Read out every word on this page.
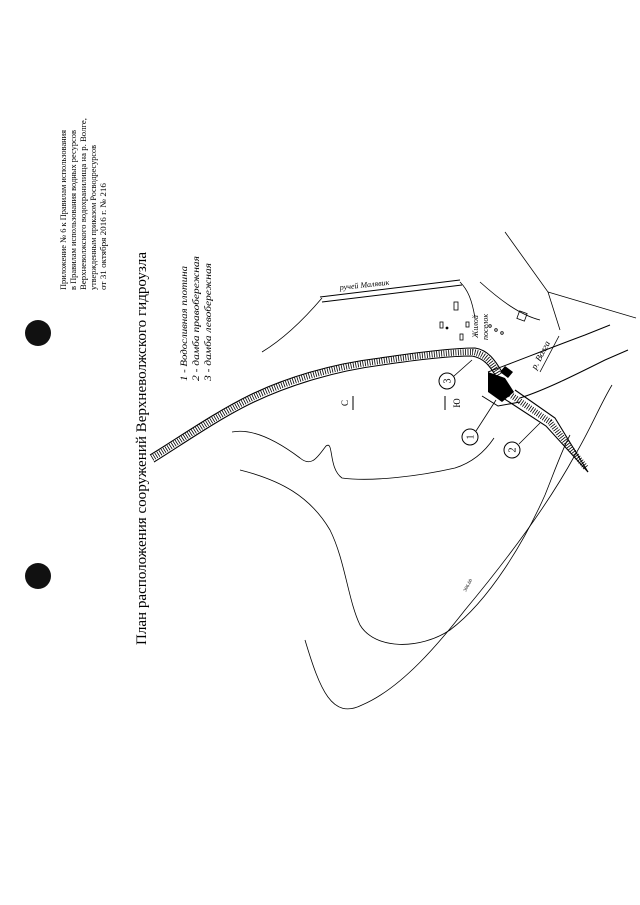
Приложение № 6 к Правилам использования в Правилам использования водных ресурсов Верхневолжского водохранилища на р. Волге, утвержденным приказом Росводресурсов от 31 октября 2016 г. № 216
План расположения сооружений Верхневолжского гидроузла	1 - Водосливная плотина 2 - дамба правобережная 3 - дамба левобережная
306.60
ручей Малявик
Жилой поселок
р. Волга
С	Ю
3
1
2
